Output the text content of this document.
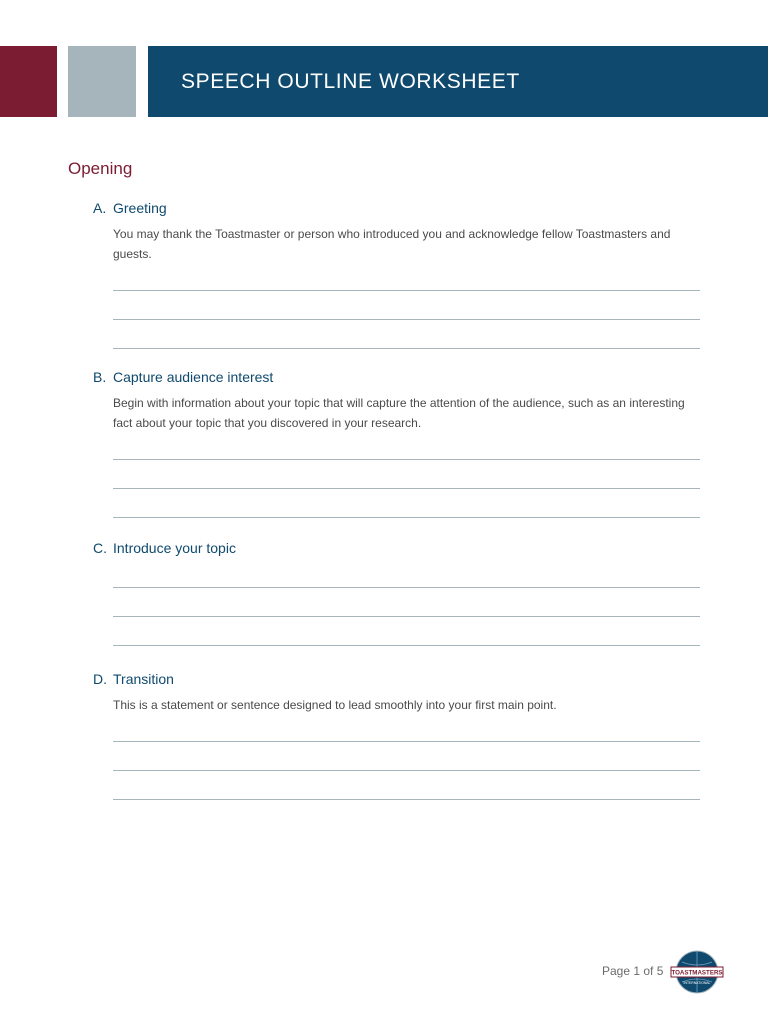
SPEECH OUTLINE WORKSHEET
Opening
A. Greeting

You may thank the Toastmaster or person who introduced you and acknowledge fellow Toastmasters and guests.

B. Capture audience interest

Begin with information about your topic that will capture the attention of the audience, such as an interesting fact about your topic that you discovered in your research.

C. Introduce your topic
D. Transition

This is a statement or sentence designed to lead smoothly into your first main point.

Page 1 of 5 TOASTMASTERS
INTERNATIONAL
